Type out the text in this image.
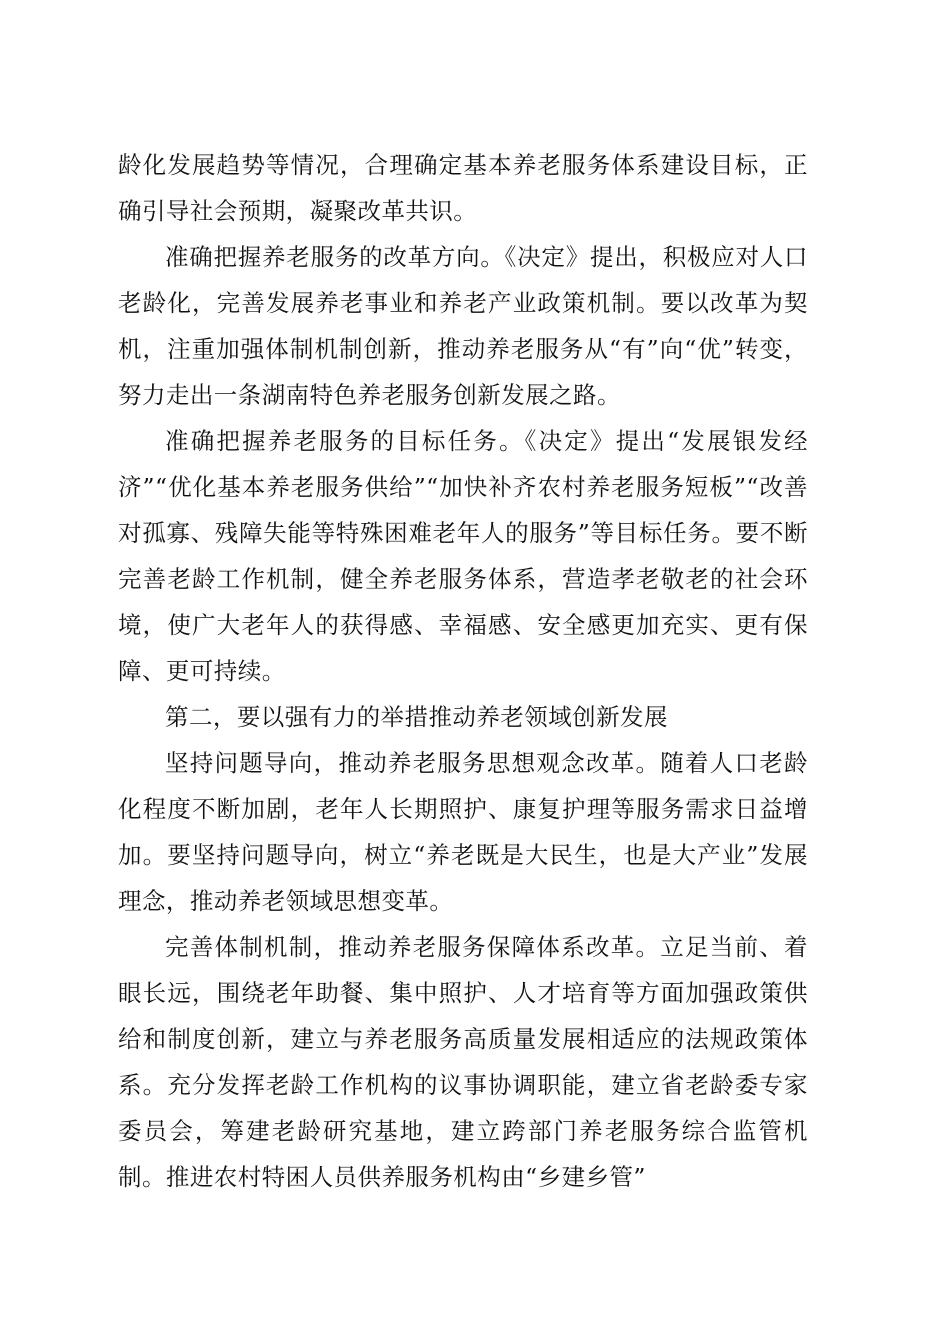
龄化发展趋势等情况，合理确定基本养老服务体系建设目标，正确引导社会预期，凝聚改革共识。

准确把握养老服务的改革方向。《决定》提出，积极应对人口老龄化，完善发展养老事业和养老产业政策机制。要以改革为契机，注重加强体制机制创新，推动养老服务从“有”向“优”转变，努力走出一条湖南特色养老服务创新发展之路。

准确把握养老服务的目标任务。《决定》提出“发展银发经济”“优化基本养老服务供给”“加快补齐农村养老服务短板”“改善对孤寡、残障失能等特殊困难老年人的服务”等目标任务。要不断完善老龄工作机制，健全养老服务体系，营造孝老敬老的社会环境，使广大老年人的获得感、幸福感、安全感更加充实、更有保障、更可持续。

第二，要以强有力的举措推动养老领域创新发展

坚持问题导向，推动养老服务思想观念改革。随着人口老龄化程度不断加剧，老年人长期照护、康复护理等服务需求日益增加。要坚持问题导向，树立“养老既是大民生，也是大产业”发展理念，推动养老领域思想变革。

完善体制机制，推动养老服务保障体系改革。立足当前、着眼长远，围绕老年助餐、集中照护、人才培育等方面加强政策供给和制度创新，建立与养老服务高质量发展相适应的法规政策体系。充分发挥老龄工作机构的议事协调职能，建立省老龄委专家委员会，筹建老龄研究基地，建立跨部门养老服务综合监管机制。推进农村特困人员供养服务机构由“乡建乡管”
